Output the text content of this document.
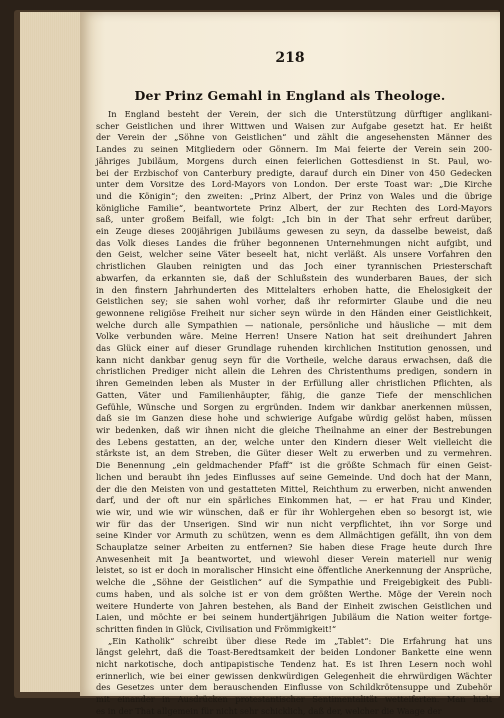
218
Der Prinz Gemahl in England als Theologe.
In England besteht der Verein, der sich die Unterstützung dürftiger anglikani-
scher Geistlichen und ihrer Wittwen und Waisen zur Aufgabe gesetzt hat. Er heißt
der Verein der „Söhne von Geistlichen“ und zählt die angesehensten Männer des
Landes zu seinen Mitgliedern oder Gönnern. Im Mai feierte der Verein sein 200-
jähriges Jubiläum, Morgens durch einen feierlichen Gottesdienst in St. Paul, wo-
bei der Erzbischof von Canterbury predigte, darauf durch ein Diner von 450 Gedecken
unter dem Vorsitze des Lord-Mayors von London. Der erste Toast war: „Die Kirche
und die Königin“; den zweiten: „Prinz Albert, der Prinz von Wales und die übrige
königliche Familie“, beantwortete Prinz Albert, der zur Rechten des Lord-Mayors
saß, unter großem Beifall, wie folgt: „Ich bin in der That sehr erfreut darüber,
ein Zeuge dieses 200jährigen Jubiläums gewesen zu seyn, da dasselbe beweist, daß
das Volk dieses Landes die früher begonnenen Unternehmungen nicht aufgibt, und
den Geist, welcher seine Väter beseelt hat, nicht verläßt. Als unsere Vorfahren den
christlichen Glauben reinigten und das Joch einer tyrannischen Priesterschaft
abwarfen, da erkannten sie, daß der Schlußstein des wunderbaren Baues, der sich
in den finstern Jahrhunderten des Mittelalters erhoben hatte, die Ehelosigkeit der
Geistlichen sey; sie sahen wohl vorher, daß ihr reformirter Glaube und die neu
gewonnene religiöse Freiheit nur sicher seyn würde in den Händen einer Geistlichkeit,
welche durch alle Sympathien — nationale, persönliche und häusliche — mit dem
Volke verbunden wäre. Meine Herren! Unsere Nation hat seit dreihundert Jahren
das Glück einer auf dieser Grundlage ruhenden kirchlichen Institution genossen, und
kann nicht dankbar genug seyn für die Vortheile, welche daraus erwachsen, daß die
christlichen Prediger nicht allein die Lehren des Christenthums predigen, sondern in
ihren Gemeinden leben als Muster in der Erfüllung aller christlichen Pflichten, als
Gatten, Väter und Familienhäupter, fähig, die ganze Tiefe der menschlichen
Gefühle, Wünsche und Sorgen zu ergründen. Indem wir dankbar anerkennen müssen,
daß sie im Ganzen diese hohe und schwierige Aufgabe würdig gelöst haben, müssen
wir bedenken, daß wir ihnen nicht die gleiche Theilnahme an einer der Bestrebungen
des Lebens gestatten, an der, welche unter den Kindern dieser Welt vielleicht die
stärkste ist, an dem Streben, die Güter dieser Welt zu erwerben und zu vermehren.
Die Benennung „ein geldmachender Pfaff“ ist die größte Schmach für einen Geist-
lichen und beraubt ihn jedes Einflusses auf seine Gemeinde. Und doch hat der Mann,
der die den Meisten von und gestatteten Mittel, Reichthum zu erwerben, nicht anwenden
darf, und der oft nur ein spärliches Einkommen hat, — er hat Frau und Kinder,
wie wir, und wie wir wünschen, daß er für ihr Wohlergehen eben so besorgt ist, wie
wir für das der Unserigen. Sind wir nun nicht verpflichtet, ihn vor Sorge und
seine Kinder vor Armuth zu schützen, wenn es dem Allmächtigen gefällt, ihn von dem
Schauplatze seiner Arbeiten zu entfernen? Sie haben diese Frage heute durch Ihre
Anwesenheit mit Ja beantwortet, und wiewohl dieser Verein materiell nur wenig
leistet, so ist er doch in moralischer Hinsicht eine öffentliche Anerkennung der Ansprüche,
welche die „Söhne der Geistlichen“ auf die Sympathie und Freigebigkeit des Publi-
cums haben, und als solche ist er von dem größten Werthe. Möge der Verein noch
weitere Hunderte von Jahren bestehen, als Band der Einheit zwischen Geistlichen und
Laien, und möchte er bei seinem hundertjährigen Jubiläum die Nation weiter fortge-
schritten finden in Glück, Civilisation und Frömmigkeit!“
„Ein Katholik“ schreibt über diese Rede im „Tablet“: Die Erfahrung hat uns
längst gelehrt, daß die Toast-Beredtsamkeit der beiden Londoner Bankette eine wenn
nicht narkotische, doch antipapistische Tendenz hat. Es ist Ihren Lesern noch wohl
erinnerlich, wie bei einer gewissen denkwürdigen Gelegenheit die ehrwürdigen Wächter
des Gesetzes unter dem berauschenden Einflusse von Schildkrötensuppe und Zubehör
mit einander in Ausdrücken protestantischer Sentimentalität wetteiferten. Man hielt
es in der That allgemein für nicht sehr schicklich, daß der, welcher die Waage der
